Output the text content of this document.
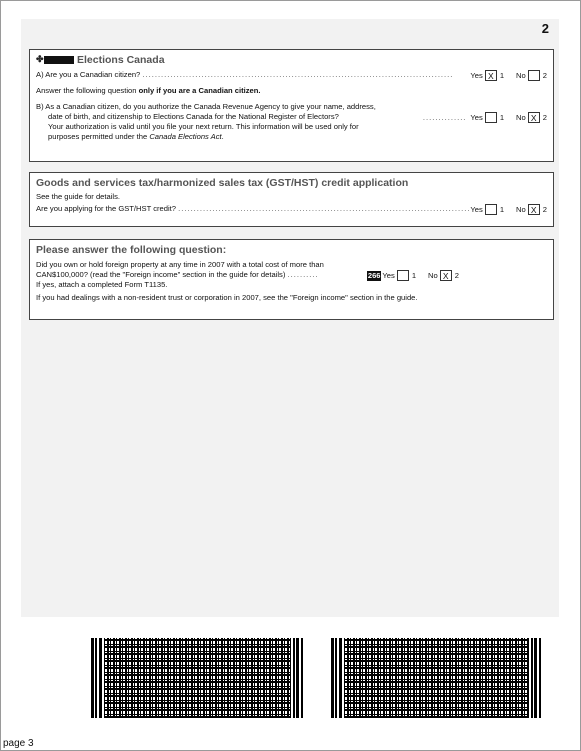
2
✤	Elections Canada
A) Are you a Canadian citizen? .................................................................................................... Yes X 1 No 2
Answer the following question only if you are a Canadian citizen.
B) As a Canadian citizen, do you authorize the Canada Revenue Agency to give your name, address,
date of birth, and citizenship to Elections Canada for the National Register of Electors?
Your authorization is valid until you file your next return. This information will be used only for
purposes permitted under the Canada Elections Act.
.............. Yes 1 No X 2
Goods and services tax/harmonized sales tax (GST/HST) credit application
See the guide for details.
Are you applying for the GST/HST credit? .............................................................................................. Yes 1 No X 2
Please answer the following question:
Did you own or hold foreign property at any time in 2007 with a total cost of more than
CAN$100,000? (read the "Foreign income" section in the guide for details) ..........	266 Yes 1 No X 2
If yes, attach a completed Form T1135.
If you had dealings with a non-resident trust or corporation in 2007, see the "Foreign income" section in the guide.
page 3
